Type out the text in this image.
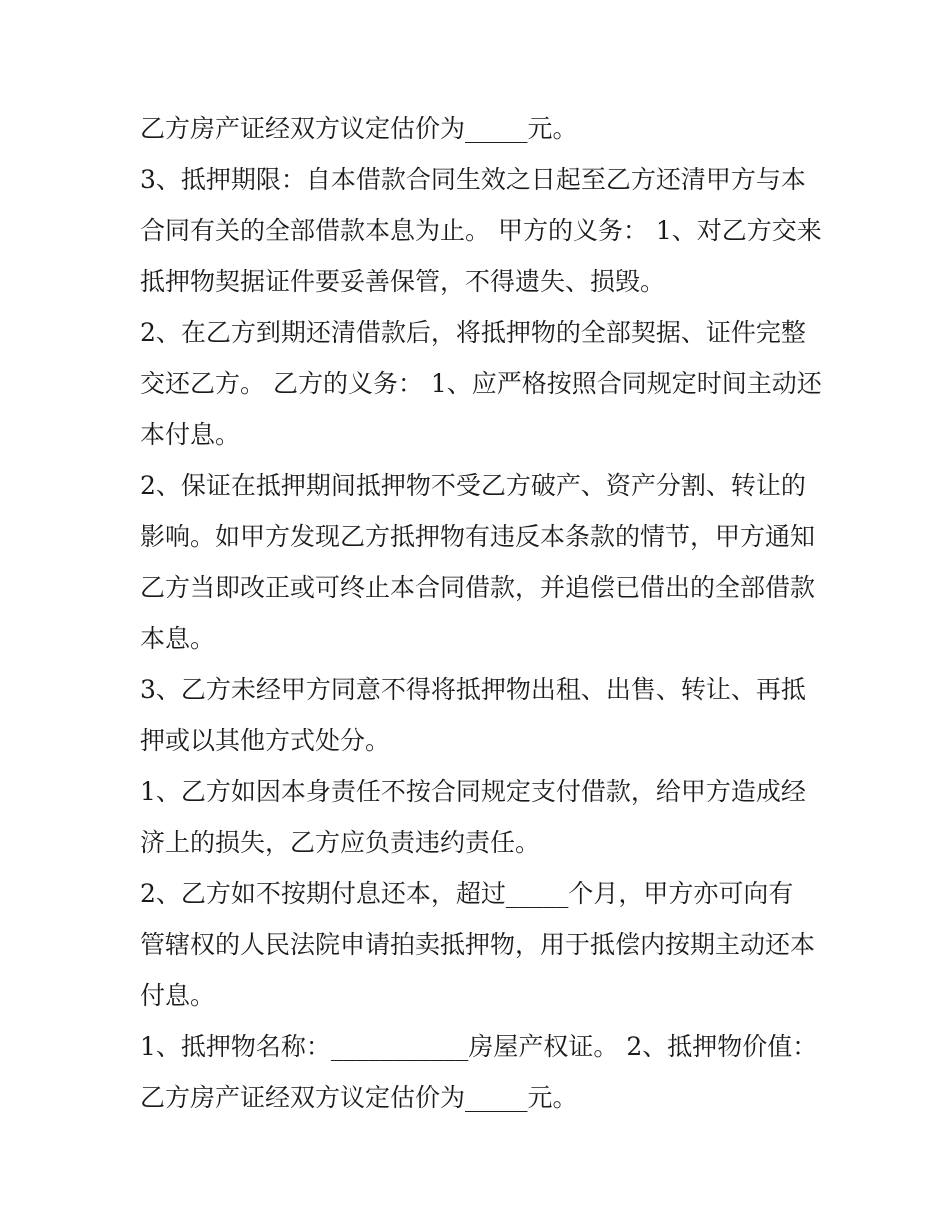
乙方房产证经双方议定估价为_____元。
3、抵押期限：自本借款合同生效之日起至乙方还清甲方与本
合同有关的全部借款本息为止。 甲方的义务： 1、对乙方交来
抵押物契据证件要妥善保管，不得遗失、损毁。
2、在乙方到期还清借款后，将抵押物的全部契据、证件完整
交还乙方。 乙方的义务： 1、应严格按照合同规定时间主动还
本付息。
2、保证在抵押期间抵押物不受乙方破产、资产分割、转让的
影响。如甲方发现乙方抵押物有违反本条款的情节，甲方通知
乙方当即改正或可终止本合同借款，并追偿已借出的全部借款
本息。
3、乙方未经甲方同意不得将抵押物出租、出售、转让、再抵
押或以其他方式处分。
1、乙方如因本身责任不按合同规定支付借款，给甲方造成经
济上的损失，乙方应负责违约责任。
2、乙方如不按期付息还本，超过_____个月，甲方亦可向有
管辖权的人民法院申请拍卖抵押物，用于抵偿内按期主动还本
付息。
1、抵押物名称：___________房屋产权证。 2、抵押物价值：
乙方房产证经双方议定估价为_____元。
